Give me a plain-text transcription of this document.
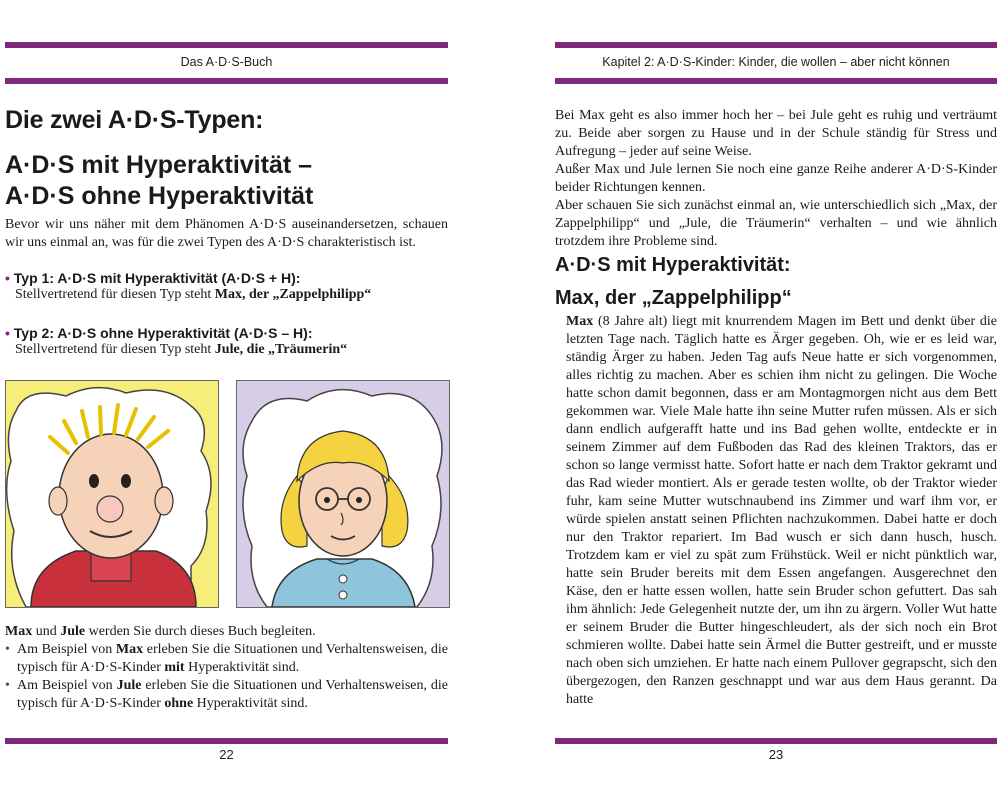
Das A·D·S-Buch
Die zwei A·D·S-Typen:
A·D·S mit Hyperaktivität –
A·D·S ohne Hyperaktivität
Bevor wir uns näher mit dem Phänomen A·D·S auseinandersetzen, schauen wir uns einmal an, was für die zwei Typen des A·D·S charakteristisch ist.
• Typ 1: A·D·S mit Hyperaktivität (A·D·S + H):
Stellvertretend für diesen Typ steht Max, der „Zappelphilipp“
• Typ 2: A·D·S ohne Hyperaktivität (A·D·S – H):
Stellvertretend für diesen Typ steht Jule, die „Träumerin“
Max und Jule werden Sie durch dieses Buch begleiten.
• Am Beispiel von Max erleben Sie die Situationen und Verhaltensweisen, die typisch für A·D·S-Kinder mit Hyperaktivität sind.
• Am Beispiel von Jule erleben Sie die Situationen und Verhaltensweisen, die typisch für A·D·S-Kinder ohne Hyperaktivität sind.
22
Kapitel 2: A·D·S-Kinder: Kinder, die wollen – aber nicht können
Bei Max geht es also immer hoch her – bei Jule geht es ruhig und verträumt zu. Beide aber sorgen zu Hause und in der Schule ständig für Stress und Aufregung – jeder auf seine Weise.
Außer Max und Jule lernen Sie noch eine ganze Reihe anderer A·D·S-Kinder beider Richtungen kennen.
Aber schauen Sie sich zunächst einmal an, wie unterschiedlich sich „Max, der Zappelphilipp“ und „Jule, die Träumerin“ verhalten – und wie ähnlich trotzdem ihre Probleme sind.
A·D·S mit Hyperaktivität:
Max, der „Zappelphilipp“
Max (8 Jahre alt) liegt mit knurrendem Magen im Bett und denkt über die letzten Tage nach. Täglich hatte es Ärger gegeben. Oh, wie er es leid war, ständig Ärger zu haben. Jeden Tag aufs Neue hatte er sich vorgenommen, alles richtig zu machen. Aber es schien ihm nicht zu gelingen. Die Woche hatte schon damit begonnen, dass er am Montagmorgen nicht aus dem Bett gekommen war. Viele Male hatte ihn seine Mutter rufen müssen. Als er sich dann endlich aufgerafft hatte und ins Bad gehen wollte, entdeckte er in seinem Zimmer auf dem Fußboden das Rad des kleinen Traktors, das er schon so lange vermisst hatte. Sofort hatte er nach dem Traktor gekramt und das Rad wieder montiert. Als er gerade testen wollte, ob der Traktor wieder fuhr, kam seine Mutter wutschnaubend ins Zimmer und warf ihm vor, er würde spielen anstatt seinen Pflichten nachzukommen. Dabei hatte er doch nur den Traktor repariert. Im Bad wusch er sich dann husch, husch. Trotzdem kam er viel zu spät zum Frühstück. Weil er nicht pünktlich war, hatte sein Bruder bereits mit dem Essen angefangen. Ausgerechnet den Käse, den er hatte essen wollen, hatte sein Bruder schon gefuttert. Das sah ihm ähnlich: Jede Gelegenheit nutzte der, um ihn zu ärgern. Voller Wut hatte er seinem Bruder die Butter hingeschleudert, als der sich noch ein Brot schmieren wollte. Dabei hatte sein Ärmel die Butter gestreift, und er musste nach oben sich umziehen. Er hatte nach einem Pullover gegrapscht, sich den übergezogen, den Ranzen geschnappt und war aus dem Haus gerannt. Da hatte
23
